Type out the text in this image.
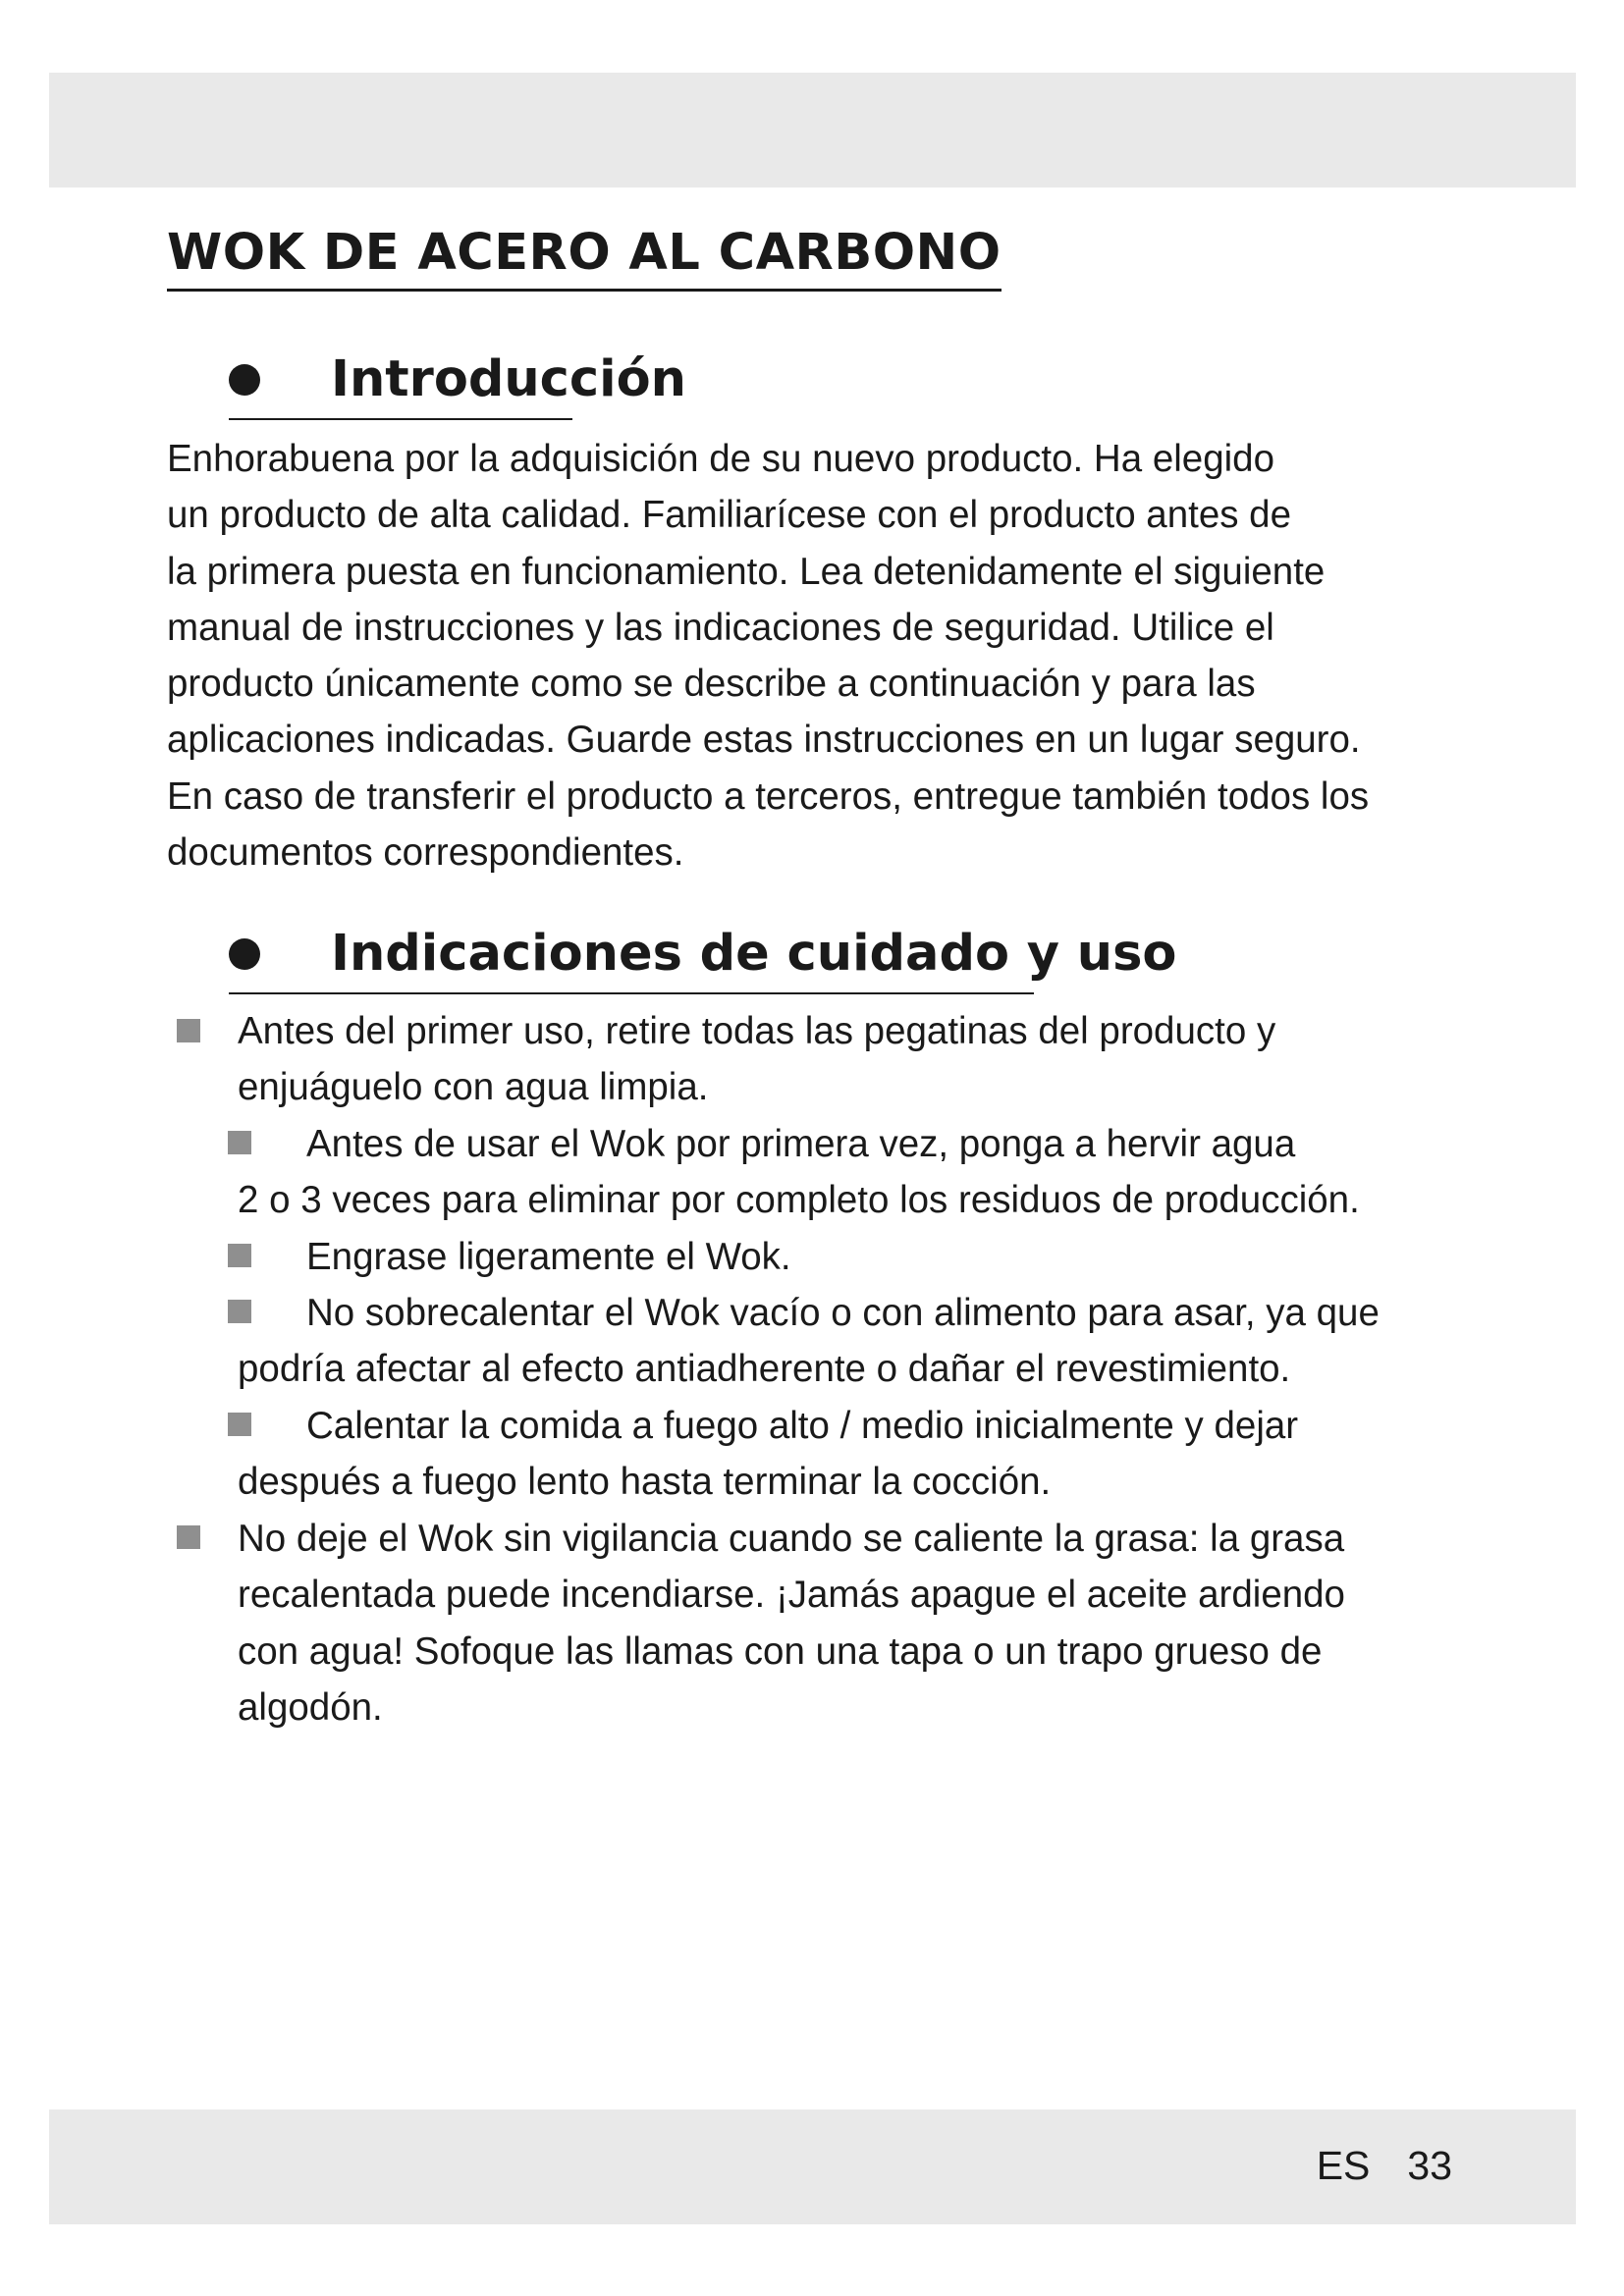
WOK DE ACERO AL CARBONO
Introducción

Enhorabuena por la adquisición de su nuevo producto. Ha elegido
un producto de alta calidad. Familiarícese con el producto antes de
la primera puesta en funcionamiento. Lea detenidamente el siguiente
manual de instrucciones y las indicaciones de seguridad. Utilice el
producto únicamente como se describe a continuación y para las
aplicaciones indicadas. Guarde estas instrucciones en un lugar seguro.
En caso de transferir el producto a terceros, entregue también todos los
documentos correspondientes.

Indicaciones de cuidado y uso

Antes del primer uso, retire todas las pegatinas del producto y
enjuáguelo con agua limpia.

Antes de usar el Wok por primera vez, ponga a hervir agua
2 o 3 veces para eliminar por completo los residuos de producción.

Engrase ligeramente el Wok.

No sobrecalentar el Wok vacío o con alimento para asar, ya que
podría afectar al efecto antiadherente o dañar el revestimiento.

Calentar la comida a fuego alto / medio inicialmente y dejar
después a fuego lento hasta terminar la cocción.

No deje el Wok sin vigilancia cuando se caliente la grasa: la grasa
recalentada puede incendiarse. ¡Jamás apague el aceite ardiendo
con agua! Sofoque las llamas con una tapa o un trapo grueso de
algodón.

ES 33
